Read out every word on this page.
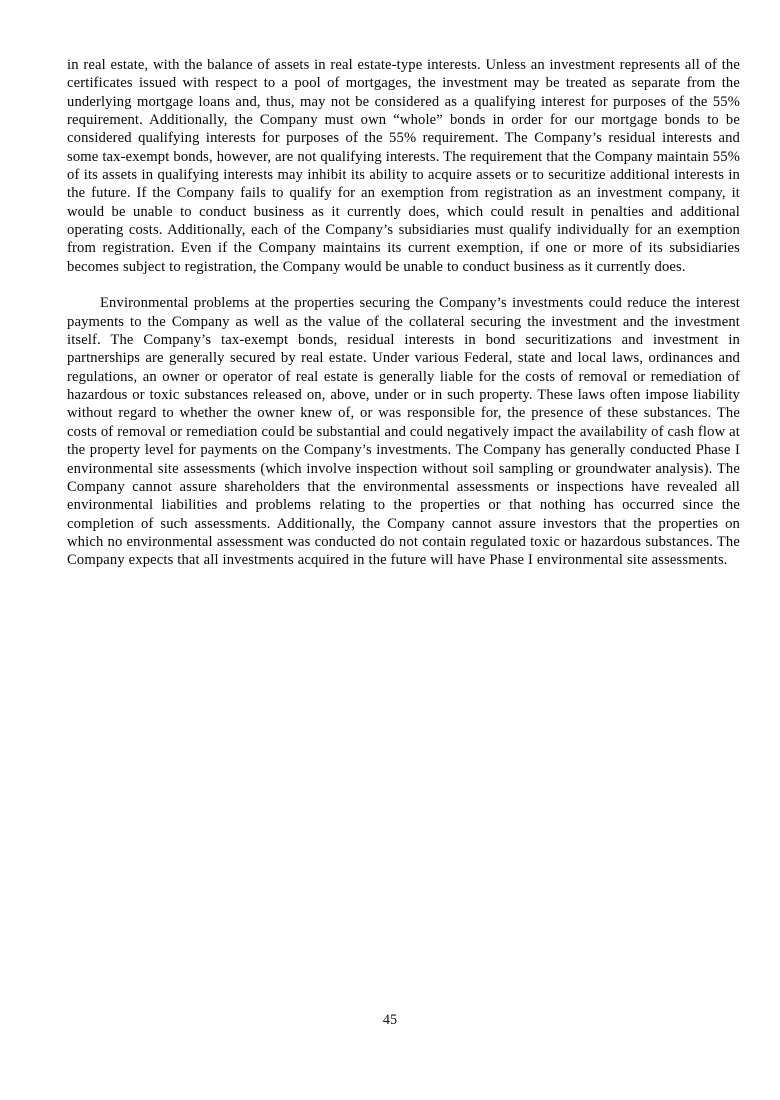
in real estate, with the balance of assets in real estate-type interests. Unless an investment represents all of the certificates issued with respect to a pool of mortgages, the investment may be treated as separate from the underlying mortgage loans and, thus, may not be considered as a qualifying interest for purposes of the 55% requirement. Additionally, the Company must own “whole” bonds in order for our mortgage bonds to be considered qualifying interests for purposes of the 55% requirement. The Company’s residual interests and some tax-exempt bonds, however, are not qualifying interests. The requirement that the Company maintain 55% of its assets in qualifying interests may inhibit its ability to acquire assets or to securitize additional interests in the future. If the Company fails to qualify for an exemption from registration as an investment company, it would be unable to conduct business as it currently does, which could result in penalties and additional operating costs. Additionally, each of the Company’s subsidiaries must qualify individually for an exemption from registration. Even if the Company maintains its current exemption, if one or more of its subsidiaries becomes subject to registration, the Company would be unable to conduct business as it currently does.

Environmental problems at the properties securing the Company’s investments could reduce the interest payments to the Company as well as the value of the collateral securing the investment and the investment itself. The Company’s tax-exempt bonds, residual interests in bond securitizations and investment in partnerships are generally secured by real estate. Under various Federal, state and local laws, ordinances and regulations, an owner or operator of real estate is generally liable for the costs of removal or remediation of hazardous or toxic substances released on, above, under or in such property. These laws often impose liability without regard to whether the owner knew of, or was responsible for, the presence of these substances. The costs of removal or remediation could be substantial and could negatively impact the availability of cash flow at the property level for payments on the Company’s investments. The Company has generally conducted Phase I environmental site assessments (which involve inspection without soil sampling or groundwater analysis). The Company cannot assure shareholders that the environmental assessments or inspections have revealed all environmental liabilities and problems relating to the properties or that nothing has occurred since the completion of such assessments. Additionally, the Company cannot assure investors that the properties on which no environmental assessment was conducted do not contain regulated toxic or hazardous substances. The Company expects that all investments acquired in the future will have Phase I environmental site assessments.

45
